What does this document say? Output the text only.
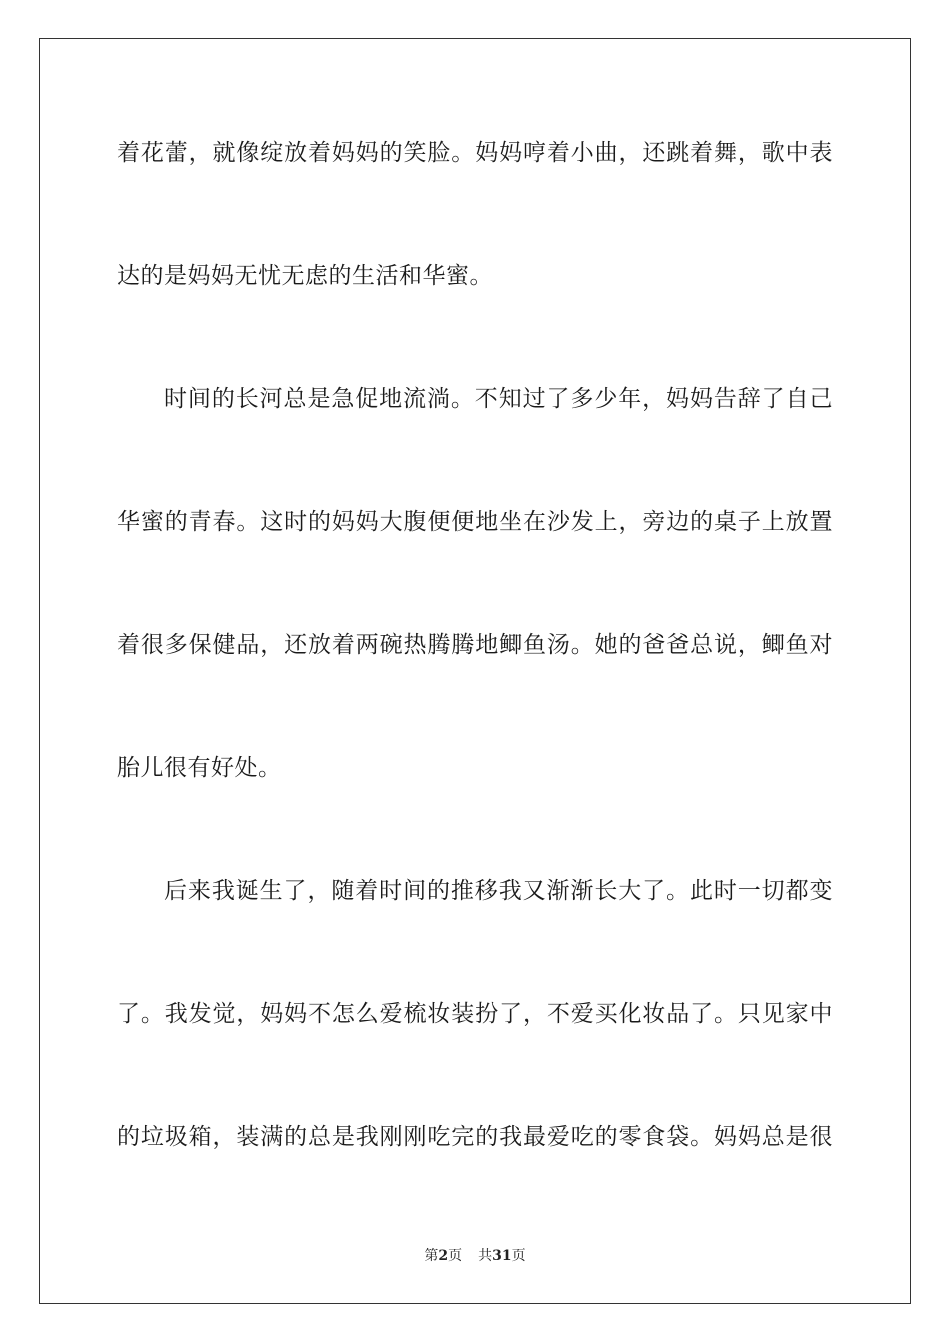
着花蕾，就像绽放着妈妈的笑脸。妈妈哼着小曲，还跳着舞，歌中表
达的是妈妈无忧无虑的生活和华蜜。
时间的长河总是急促地流淌。不知过了多少年，妈妈告辞了自己
华蜜的青春。这时的妈妈大腹便便地坐在沙发上，旁边的桌子上放置
着很多保健品，还放着两碗热腾腾地鲫鱼汤。她的爸爸总说，鲫鱼对
胎儿很有好处。
后来我诞生了，随着时间的推移我又渐渐长大了。此时一切都变
了。我发觉，妈妈不怎么爱梳妆装扮了，不爱买化妆品了。只见家中
的垃圾箱，装满的总是我刚刚吃完的我最爱吃的零食袋。妈妈总是很
第2页 共31页
